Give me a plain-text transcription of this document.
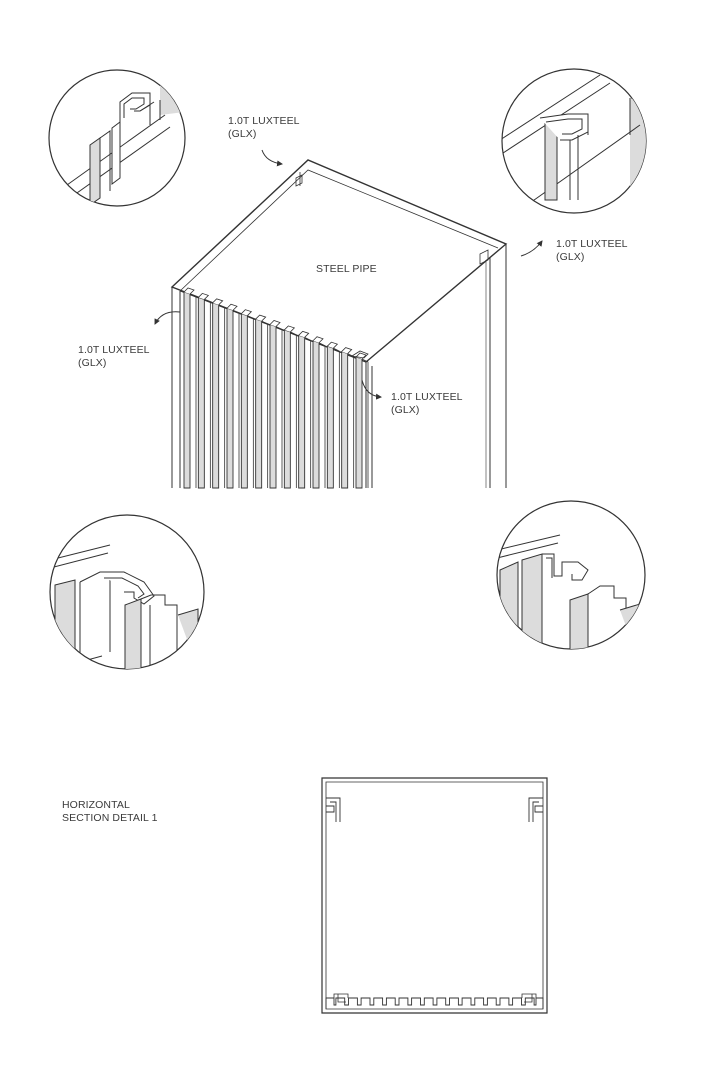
1.0T LUXTEEL
(GLX)
1.0T LUXTEEL
(GLX)
1.0T LUXTEEL
(GLX)
1.0T LUXTEEL
(GLX)
STEEL PIPE
HORIZONTAL
SECTION DETAIL 1
